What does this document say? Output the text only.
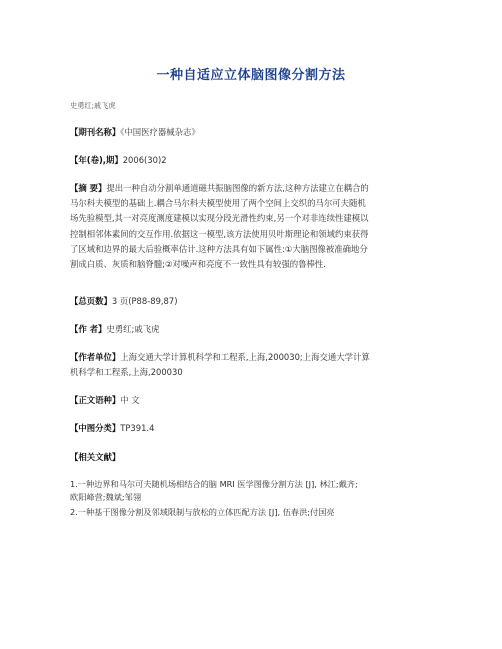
一种自适应立体脑图像分割方法
史勇红;戚飞虎
【期刊名称】《中国医疗器械杂志》
【年(卷),期】2006(30)2
【摘 要】提出一种自动分割单通道磁共振脑图像的新方法,这种方法建立在耦合的
马尔科夫模型的基础上.耦合马尔科夫模型使用了两个空间上交织的马尔可夫随机
场先验模型,其一对亮度测度建模以实现分段光滑性约束,另一个对非连续性建模以
控制相邻体素间的交互作用.依据这一模型,该方法使用贝叶斯理论和领域约束获得
了区域和边界的最大后验概率估计.这种方法具有如下属性:①大脑图像被准确地分
割成白质、灰质和脑脊髓;②对噪声和亮度不一致性具有较强的鲁棒性.
【总页数】3 页(P88-89,87)
【作 者】史勇红;戚飞虎
【作者单位】上海交通大学计算机科学和工程系,上海,200030;上海交通大学计算
机科学和工程系,上海,200030
【正文语种】中 文
【中图分类】TP391.4
【相关文献】
1.一种边界和马尔可夫随机场相结合的脑 MRI 医学图像分割方法 [J], 林江;戴齐;
欧阳峰营;魏斌;邹翎
2.一种基于图像分割及邻域限制与放松的立体匹配方法 [J], 伍春洪;付国亮
